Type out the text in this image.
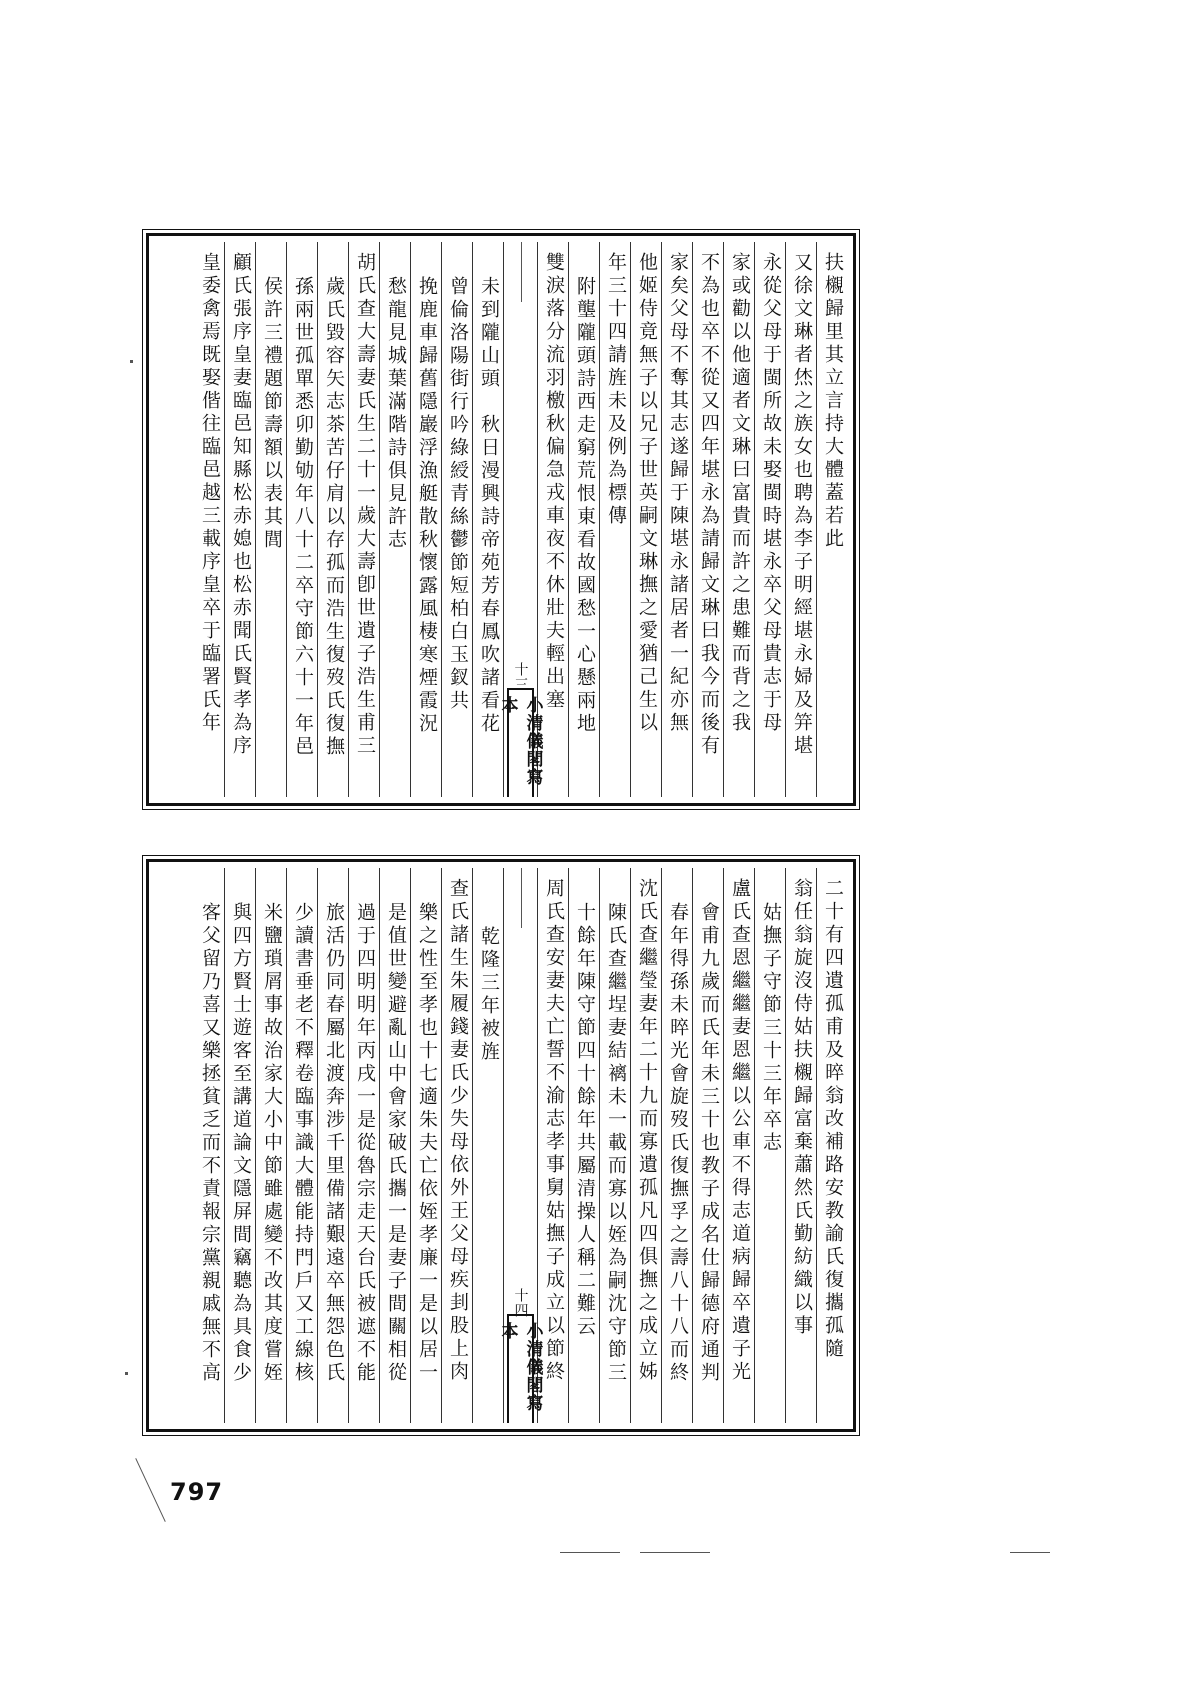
扶櫬歸里其立言持大體蓋若此
又徐文琳者烋之族女也聘為李子明經堪永婦及笄堪
永從父母于閩所故未娶閩時堪永卒父母貴志于母
家或勸以他適者文琳曰富貴而許之患難而背之我
不為也卒不從又四年堪永為請歸文琳曰我今而後有
家矣父母不奪其志遂歸于陳堪永諸居者一紀亦無
他姬侍竟無子以兄子世英嗣文琳撫之愛猶己生以
年三十四請旌未及例為標傳
附壟隴頭詩西走窮荒恨東看故國愁一心懸兩地
雙淚落分流羽檄秋偏急戎車夜不休壯夫輕出塞
十三
小清儀閣寫本
未到隴山頭　秋日漫興詩帝苑芳春鳳吹諸看花
曾倫洛陽街行吟綠綬青絲鬱節短柏白玉釵共
挽鹿車歸舊隱巖浮漁艇散秋懷露風棲寒煙霞況
愁龍見城葉滿階詩俱見許志
胡氏查大壽妻氏生二十一歲大壽卽世遺子浩生甫三
歲氏毀容矢志茶苦仔肩以存孤而浩生復歿氏復撫
孫兩世孤單悉卯勤劬年八十二卒守節六十一年邑
侯許三禮題節壽額以表其閭
顧氏張序皇妻臨邑知縣松赤媳也松赤聞氏賢孝為序
皇委禽焉既娶偕往臨邑越三載序皇卒于臨署氏年
二十有四遺孤甫及晬翁改補路安教諭氏復攜孤隨
翁任翁旋沒侍姑扶櫬歸富棄蕭然氏勤紡織以事
姑撫子守節三十三年卒志
盧氏查恩繼繼妻恩繼以公車不得志道病歸卒遺子光
會甫九歲而氏年未三十也教子成名仕歸德府通判
春年得孫未晬光會旋歿氏復撫孚之壽八十八而終
沈氏查繼瑩妻年二十九而寡遺孤凡四俱撫之成立姊
陳氏查繼埕妻結褵未一載而寡以姪為嗣沈守節三
十餘年陳守節四十餘年共屬清操人稱二難云
周氏查安妻夫亡誓不渝志孝事舅姑撫子成立以節終
十四
小清儀閣寫本
乾隆三年被旌
查氏諸生朱履錢妻氏少失母依外王父母疾刲股上肉
樂之性至孝也十七適朱夫亡依姪孝廉一是以居一
是值世變避亂山中會家破氏攜一是妻子間關相從
過于四明明年丙戌一是從魯宗走天台氏被遮不能
旅活仍同春屬北渡奔涉千里備諸艱遠卒無怨色氏
少讀書垂老不釋卷臨事識大體能持門戶又工線核
米鹽瑣屑事故治家大小中節雖處變不改其度嘗姪
與四方賢士遊客至講道論文隱屏間竊聽為具食少
客父留乃喜又樂拯貧乏而不責報宗黨親戚無不高
797
